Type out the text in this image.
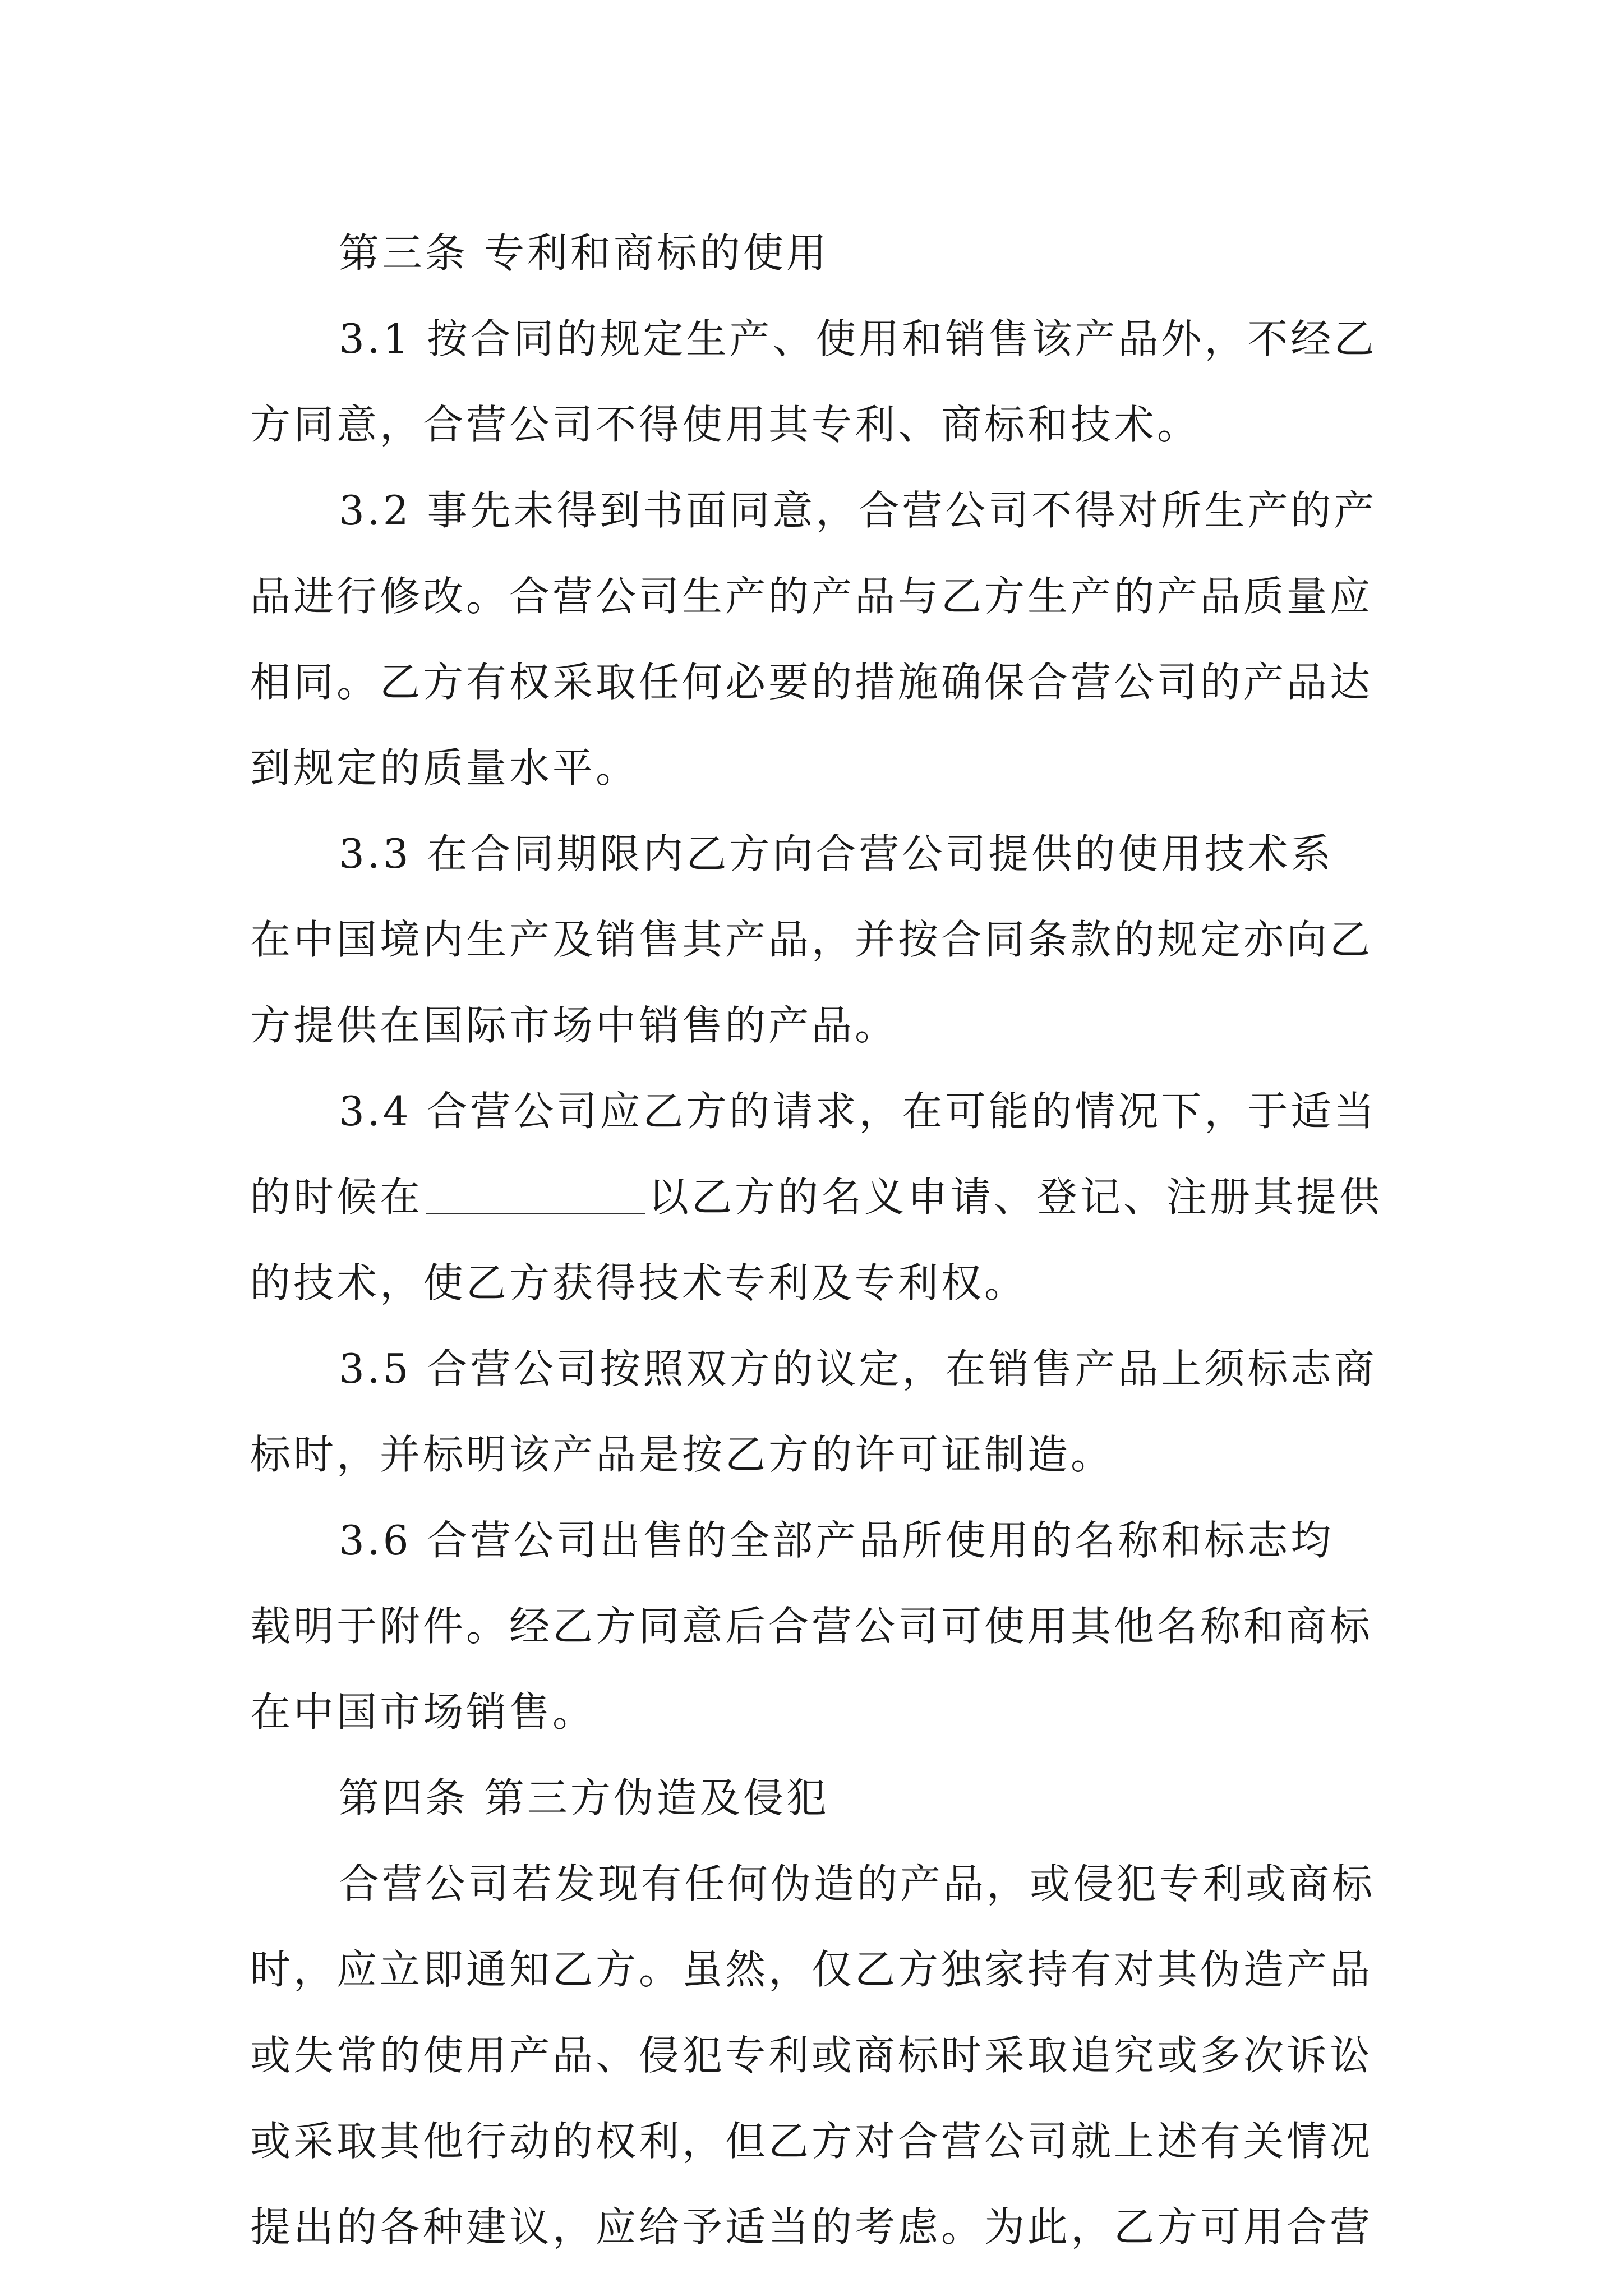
第三条 专利和商标的使用
3.1 按合同的规定生产、使用和销售该产品外，不经乙
方同意，合营公司不得使用其专利、商标和技术。
3.2 事先未得到书面同意，合营公司不得对所生产的产
品进行修改。合营公司生产的产品与乙方生产的产品质量应
相同。乙方有权采取任何必要的措施确保合营公司的产品达
到规定的质量水平。
3.3 在合同期限内乙方向合营公司提供的使用技术系
在中国境内生产及销售其产品，并按合同条款的规定亦向乙
方提供在国际市场中销售的产品。
3.4 合营公司应乙方的请求，在可能的情况下，于适当
的时候在	以乙方的名义申请、登记、注册其提供
的技术，使乙方获得技术专利及专利权。
3.5 合营公司按照双方的议定，在销售产品上须标志商
标时，并标明该产品是按乙方的许可证制造。
3.6 合营公司出售的全部产品所使用的名称和标志均
载明于附件。经乙方同意后合营公司可使用其他名称和商标
在中国市场销售。
第四条 第三方伪造及侵犯
合营公司若发现有任何伪造的产品，或侵犯专利或商标
时，应立即通知乙方。虽然，仅乙方独家持有对其伪造产品
或失常的使用产品、侵犯专利或商标时采取追究或多次诉讼
或采取其他行动的权利，但乙方对合营公司就上述有关情况
提出的各种建议，应给予适当的考虑。为此，乙方可用合营
